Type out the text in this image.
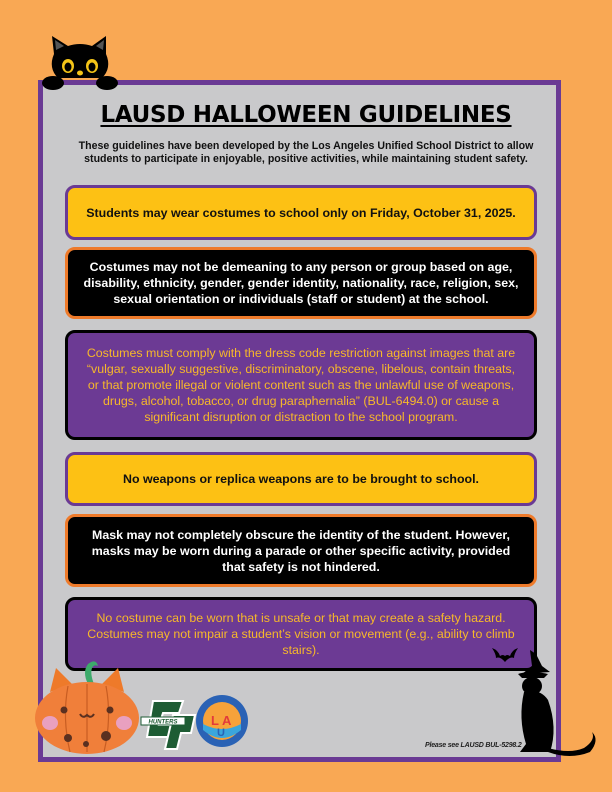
LAUSD HALLOWEEN GUIDELINES
These guidelines have been developed by the Los Angeles Unified School District to allow students to participate in enjoyable, positive activities, while maintaining student safety.
Students may wear costumes to school only on Friday, October 31, 2025.
Costumes may not be demeaning to any person or group based on age, disability, ethnicity, gender, gender identity, nationality, race, religion, sex, sexual orientation or individuals (staff or student) at the school.
Costumes must comply with the dress code restriction against images that are “vulgar, sexually suggestive, discriminatory, obscene, libelous, contain threats, or that promote illegal or violent content such as the unlawful use of weapons, drugs, alcohol, tobacco, or drug paraphernalia” (BUL-6494.0) or cause a significant disruption or distraction to the school program.
No weapons or replica weapons are to be brought to school.
Mask may not completely obscure the identity of the student. However, masks may be worn during a parade or other specific activity, provided that safety is not hindered.
No costume can be worn that is unsafe or that may create a safety hazard. Costumes may not impair a student’s vision or movement (e.g., ability to climb stairs).
HUNTERS	L A
U
Please see LAUSD BUL-5298.2
